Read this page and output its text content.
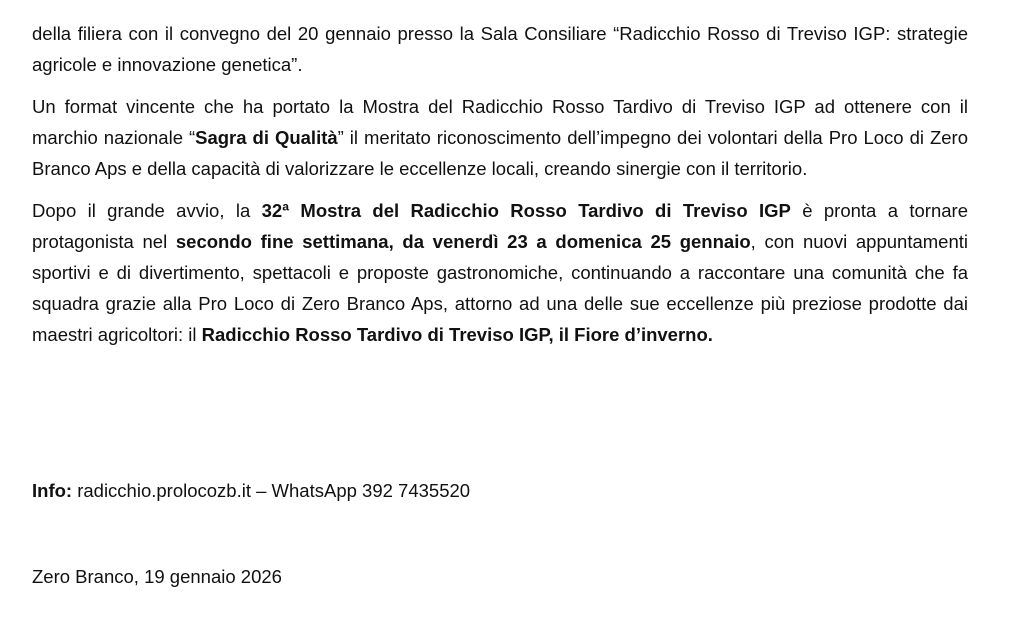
della filiera con il convegno del 20 gennaio presso la Sala Consiliare “Radicchio Rosso di Treviso IGP: strategie agricole e innovazione genetica”.

Un format vincente che ha portato la Mostra del Radicchio Rosso Tardivo di Treviso IGP ad ottenere con il marchio nazionale “Sagra di Qualità” il meritato riconoscimento dell’impegno dei volontari della Pro Loco di Zero Branco Aps e della capacità di valorizzare le eccellenze locali, creando sinergie con il territorio.

Dopo il grande avvio, la 32ª Mostra del Radicchio Rosso Tardivo di Treviso IGP è pronta a tornare protagonista nel secondo fine settimana, da venerdì 23 a domenica 25 gennaio, con nuovi appuntamenti sportivi e di divertimento, spettacoli e proposte gastronomiche, continuando a raccontare una comunità che fa squadra grazie alla Pro Loco di Zero Branco Aps, attorno ad una delle sue eccellenze più preziose prodotte dai maestri agricoltori: il Radicchio Rosso Tardivo di Treviso IGP, il Fiore d’inverno.

Info: radicchio.prolocozb.it – WhatsApp 392 7435520
Zero Branco, 19 gennaio 2026
